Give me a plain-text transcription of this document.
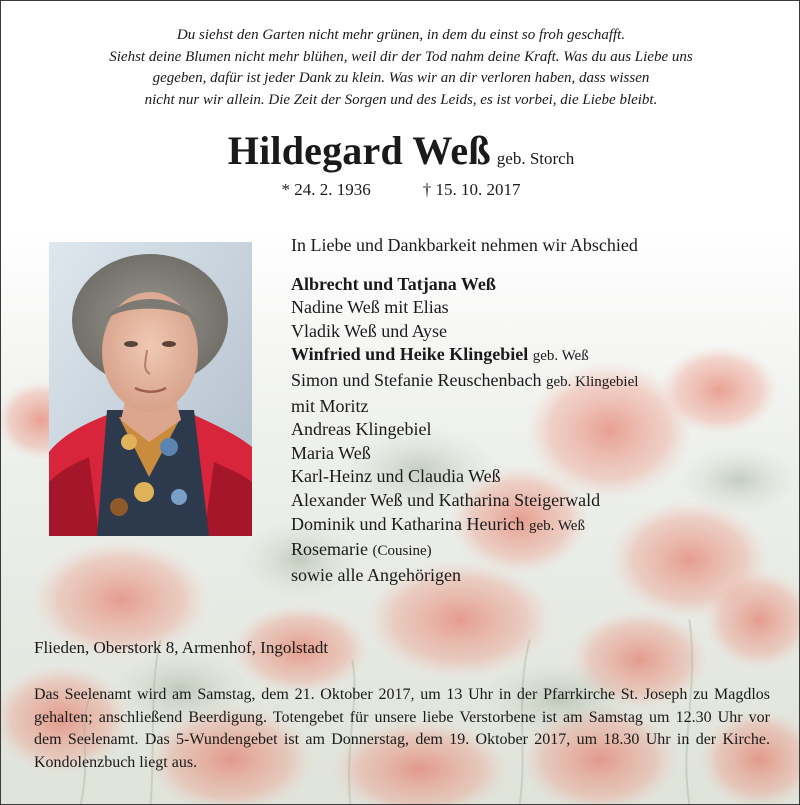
Du siehst den Garten nicht mehr grünen, in dem du einst so froh geschafft.
Siehst deine Blumen nicht mehr blühen, weil dir der Tod nahm deine Kraft. Was du aus Liebe uns
gegeben, dafür ist jeder Dank zu klein. Was wir an dir verloren haben, dass wissen
nicht nur wir allein. Die Zeit der Sorgen und des Leids, es ist vorbei, die Liebe bleibt.
Hildegard Weß geb. Storch
* 24. 2. 1936	† 15. 10. 2017
In Liebe und Dankbarkeit nehmen wir Abschied
Albrecht und Tatjana Weß
Nadine Weß mit Elias
Vladik Weß und Ayse
Winfried und Heike Klingebiel geb. Weß
Simon und Stefanie Reuschenbach geb. Klingebiel
mit Moritz
Andreas Klingebiel
Maria Weß
Karl-Heinz und Claudia Weß
Alexander Weß und Katharina Steigerwald
Dominik und Katharina Heurich geb. Weß
Rosemarie (Cousine)
sowie alle Angehörigen
Flieden, Oberstork 8, Armenhof, Ingolstadt
Das Seelenamt wird am Samstag, dem 21. Oktober 2017, um 13 Uhr in der Pfarrkirche St. Joseph zu Magdlos gehalten; anschließend Beerdigung. Totengebet für unsere liebe Verstorbene ist am Samstag um 12.30 Uhr vor dem Seelenamt. Das 5-Wundengebet ist am Donnerstag, dem 19. Oktober 2017, um 18.30 Uhr in der Kirche. Kondolenzbuch liegt aus.
